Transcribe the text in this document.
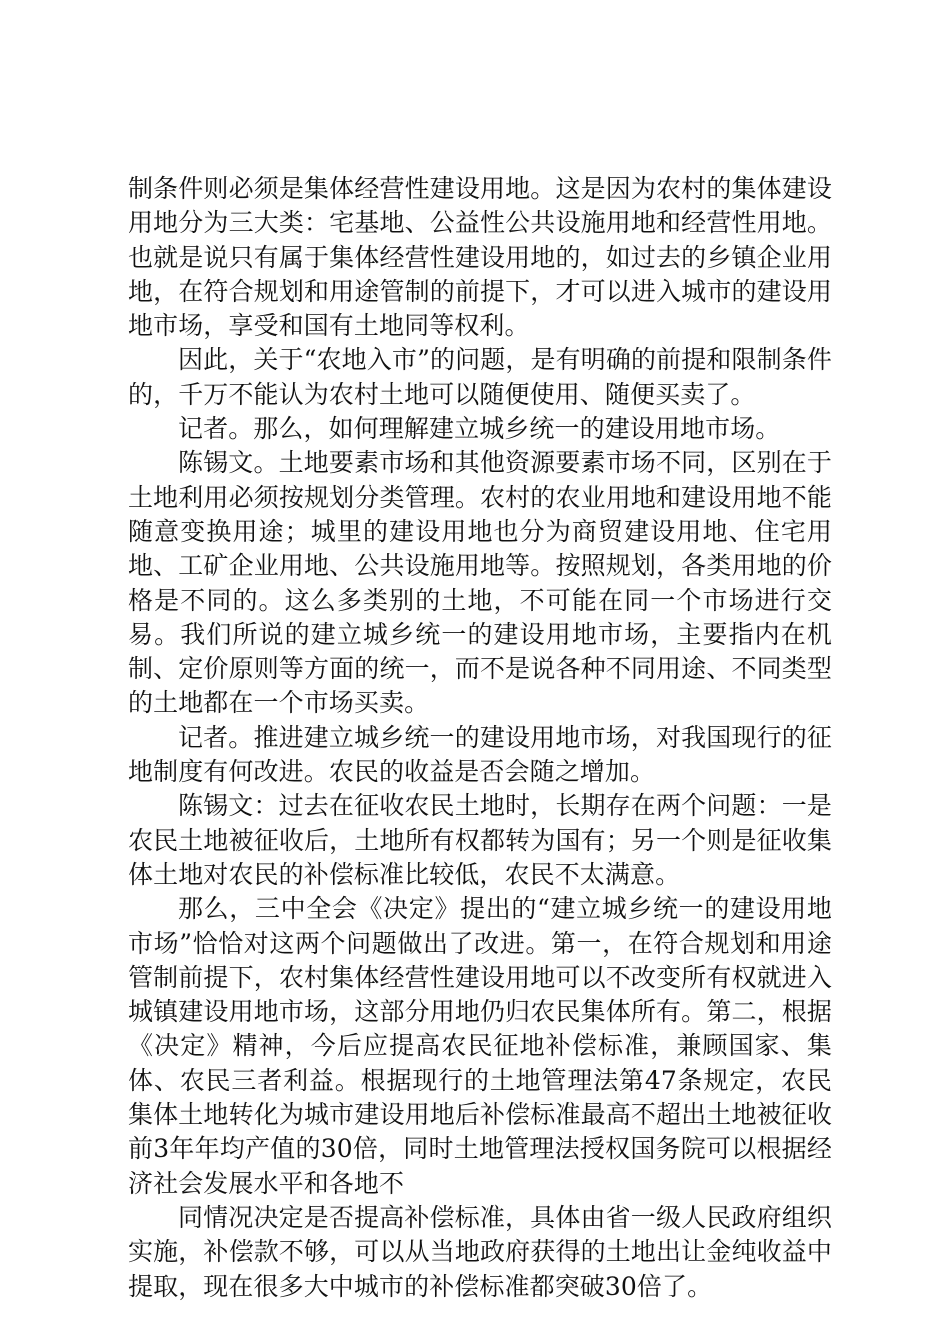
制条件则必须是集体经营性建设用地。这是因为农村的集体建设用地分为三大类：宅基地、公益性公共设施用地和经营性用地。也就是说只有属于集体经营性建设用地的，如过去的乡镇企业用地，在符合规划和用途管制的前提下，才可以进入城市的建设用地市场，享受和国有土地同等权利。

因此，关于“农地入市”的问题，是有明确的前提和限制条件的，千万不能认为农村土地可以随便使用、随便买卖了。

记者。那么，如何理解建立城乡统一的建设用地市场。

陈锡文。土地要素市场和其他资源要素市场不同，区别在于土地利用必须按规划分类管理。农村的农业用地和建设用地不能随意变换用途；城里的建设用地也分为商贸建设用地、住宅用地、工矿企业用地、公共设施用地等。按照规划，各类用地的价格是不同的。这么多类别的土地，不可能在同一个市场进行交易。我们所说的建立城乡统一的建设用地市场，主要指内在机制、定价原则等方面的统一，而不是说各种不同用途、不同类型的土地都在一个市场买卖。

记者。推进建立城乡统一的建设用地市场，对我国现行的征地制度有何改进。农民的收益是否会随之增加。

陈锡文：过去在征收农民土地时，长期存在两个问题：一是农民土地被征收后，土地所有权都转为国有；另一个则是征收集体土地对农民的补偿标准比较低，农民不太满意。

那么，三中全会《决定》提出的“建立城乡统一的建设用地市场”恰恰对这两个问题做出了改进。第一，在符合规划和用途管制前提下，农村集体经营性建设用地可以不改变所有权就进入城镇建设用地市场，这部分用地仍归农民集体所有。第二，根据《决定》精神，今后应提高农民征地补偿标准，兼顾国家、集体、农民三者利益。根据现行的土地管理法第47条规定，农民集体土地转化为城市建设用地后补偿标准最高不超出土地被征收前3年年均产值的30倍，同时土地管理法授权国务院可以根据经济社会发展水平和各地不

同情况决定是否提高补偿标准，具体由省一级人民政府组织实施，补偿款不够，可以从当地政府获得的土地出让金纯收益中提取，现在很多大中城市的补偿标准都突破30倍了。
